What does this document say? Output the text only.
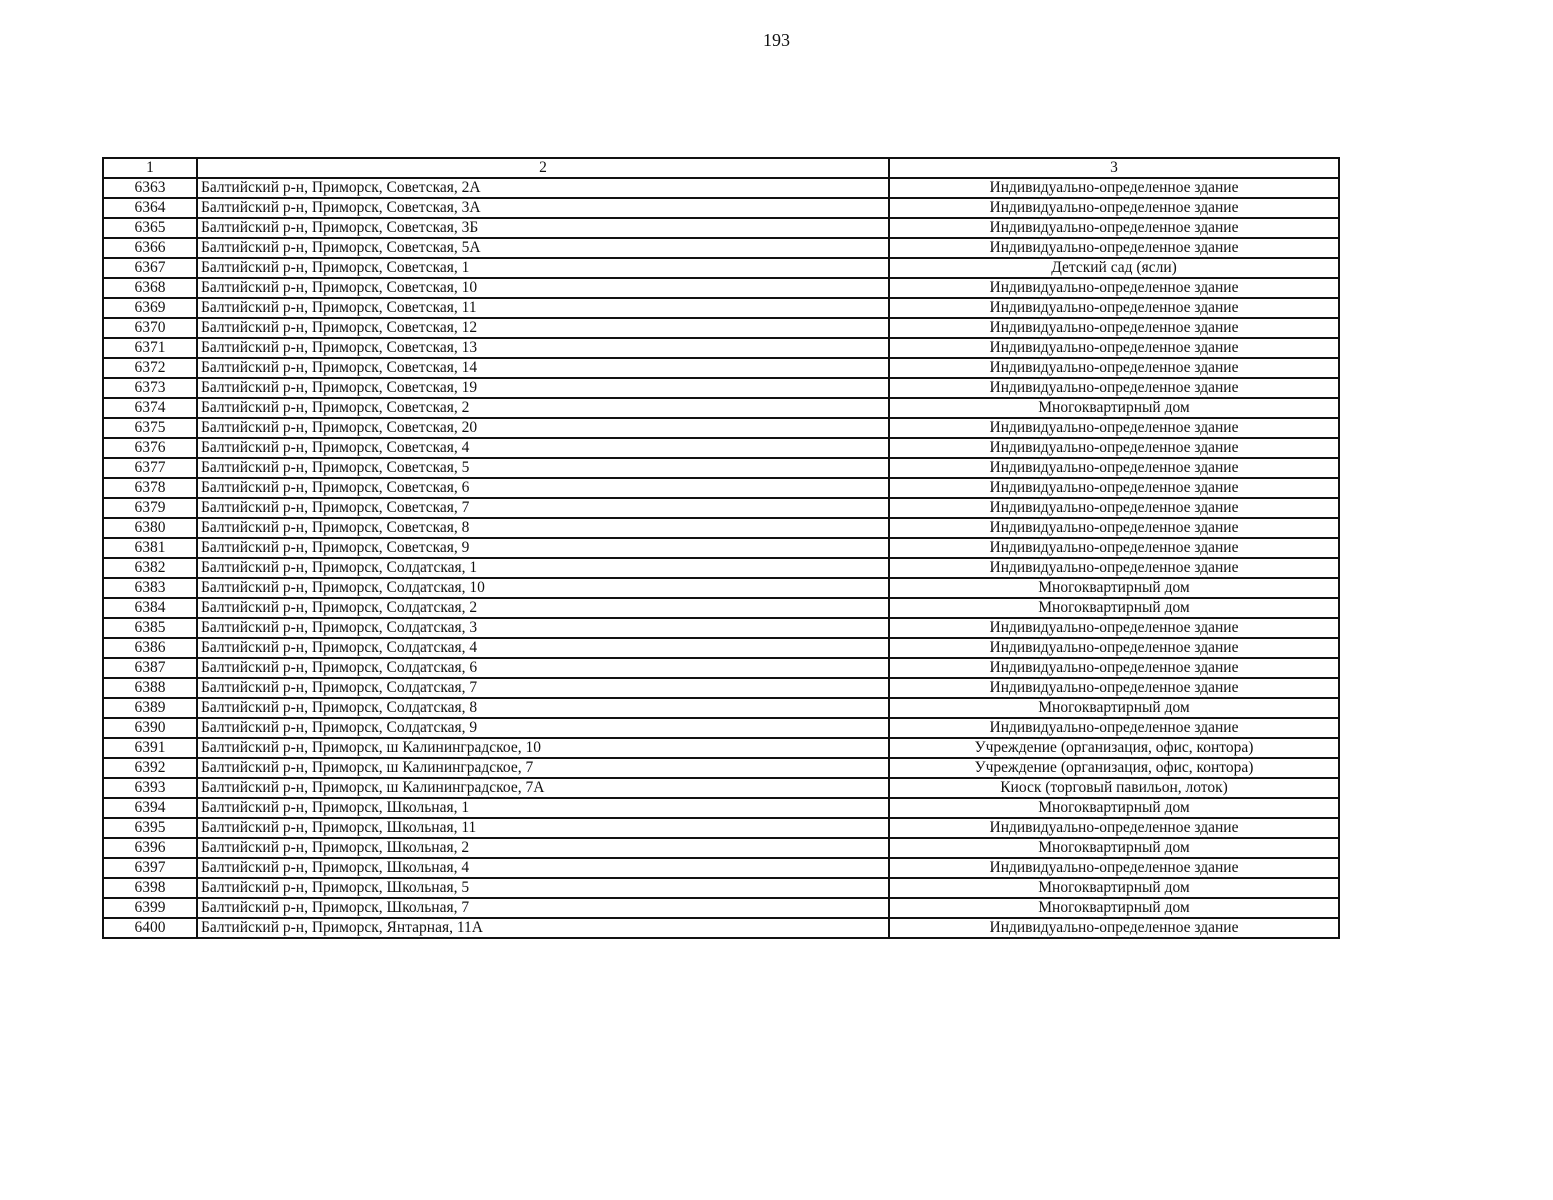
193
1	2	3
6363	Балтийский р-н, Приморск, Советская, 2А	Индивидуально-определенное здание
6364	Балтийский р-н, Приморск, Советская, 3А	Индивидуально-определенное здание
6365	Балтийский р-н, Приморск, Советская, 3Б	Индивидуально-определенное здание
6366	Балтийский р-н, Приморск, Советская, 5А	Индивидуально-определенное здание
6367	Балтийский р-н, Приморск, Советская, 1	Детский сад (ясли)
6368	Балтийский р-н, Приморск, Советская, 10	Индивидуально-определенное здание
6369	Балтийский р-н, Приморск, Советская, 11	Индивидуально-определенное здание
6370	Балтийский р-н, Приморск, Советская, 12	Индивидуально-определенное здание
6371	Балтийский р-н, Приморск, Советская, 13	Индивидуально-определенное здание
6372	Балтийский р-н, Приморск, Советская, 14	Индивидуально-определенное здание
6373	Балтийский р-н, Приморск, Советская, 19	Индивидуально-определенное здание
6374	Балтийский р-н, Приморск, Советская, 2	Многоквартирный дом
6375	Балтийский р-н, Приморск, Советская, 20	Индивидуально-определенное здание
6376	Балтийский р-н, Приморск, Советская, 4	Индивидуально-определенное здание
6377	Балтийский р-н, Приморск, Советская, 5	Индивидуально-определенное здание
6378	Балтийский р-н, Приморск, Советская, 6	Индивидуально-определенное здание
6379	Балтийский р-н, Приморск, Советская, 7	Индивидуально-определенное здание
6380	Балтийский р-н, Приморск, Советская, 8	Индивидуально-определенное здание
6381	Балтийский р-н, Приморск, Советская, 9	Индивидуально-определенное здание
6382	Балтийский р-н, Приморск, Солдатская, 1	Индивидуально-определенное здание
6383	Балтийский р-н, Приморск, Солдатская, 10	Многоквартирный дом
6384	Балтийский р-н, Приморск, Солдатская, 2	Многоквартирный дом
6385	Балтийский р-н, Приморск, Солдатская, 3	Индивидуально-определенное здание
6386	Балтийский р-н, Приморск, Солдатская, 4	Индивидуально-определенное здание
6387	Балтийский р-н, Приморск, Солдатская, 6	Индивидуально-определенное здание
6388	Балтийский р-н, Приморск, Солдатская, 7	Индивидуально-определенное здание
6389	Балтийский р-н, Приморск, Солдатская, 8	Многоквартирный дом
6390	Балтийский р-н, Приморск, Солдатская, 9	Индивидуально-определенное здание
6391	Балтийский р-н, Приморск, ш Калининградское, 10	Учреждение (организация, офис, контора)
6392	Балтийский р-н, Приморск, ш Калининградское, 7	Учреждение (организация, офис, контора)
6393	Балтийский р-н, Приморск, ш Калининградское, 7А	Киоск (торговый павильон, лоток)
6394	Балтийский р-н, Приморск, Школьная, 1	Многоквартирный дом
6395	Балтийский р-н, Приморск, Школьная, 11	Индивидуально-определенное здание
6396	Балтийский р-н, Приморск, Школьная, 2	Многоквартирный дом
6397	Балтийский р-н, Приморск, Школьная, 4	Индивидуально-определенное здание
6398	Балтийский р-н, Приморск, Школьная, 5	Многоквартирный дом
6399	Балтийский р-н, Приморск, Школьная, 7	Многоквартирный дом
6400	Балтийский р-н, Приморск, Янтарная, 11А	Индивидуально-определенное здание
